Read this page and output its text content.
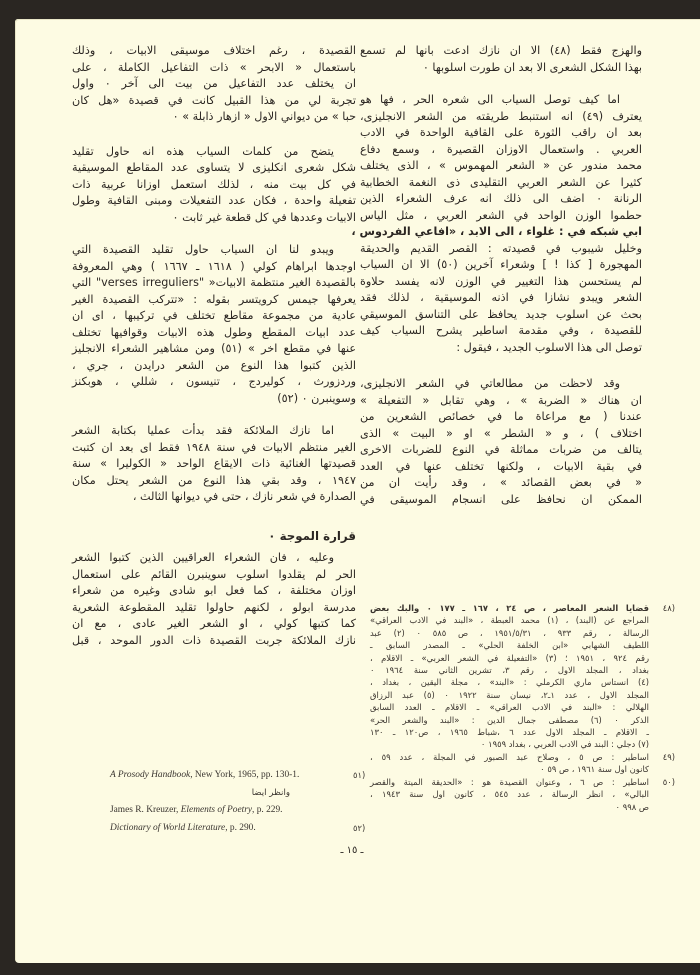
والهزج فقط (٤٨) الا ان نازك ادعت بانها لم تسمع
بهذا الشكل الشعرى الا بعد ان طورت اسلوبها ٠

اما كيف توصل السياب الى شعره الحر ، فها هو
يعترف (٤٩) انه استنبط طريقته من الشعر الانجليزى،
بعد ان راقب الثورة على القافية الواحدة في الادب
العربي . واستعمال الاوزان القصيرة ، وسمع دفاع
محمد مندور عن « الشعر المهموس » ، الذى يختلف
كثيرا عن الشعر العربي التقليدى ذى النغمة الخطابية
الرنانة ٠ اضف الى ذلك انه عرف الشعراء الذين
حطموا الوزن الواحد في الشعر العربي ، مثل الياس
ابي شبكه في : غلواء ، الى الابد ، «افاعي الفردوس ،
وخليل شيبوب في قصيدته : القصر القديم والحديقة
المهجورة [ كذا ! ] وشعراء آخرين (٥٠) الا ان السياب
لم يستحسن هذا التغيير في الوزن لانه يفسد حلاوة
الشعر ويبدو نشازا في اذنه الموسيقية ، لذلك فقد
بحث عن اسلوب جديد يحافظ على التناسق الموسيقي
للقصيدة ، وفي مقدمة اساطير يشرح السياب كيف
توصل الى هذا الاسلوب الجديد ، فيقول :

وقد لاحظت من مطالعاتي في الشعر الانجليزى،
ان هناك « الضربة » ، وهي تقابل « التفعيلة »
عندنا ( مع مراعاة ما في خصائص الشعرين من
اختلاف ) ، و « الشطر » او « البيت » الذى
يتالف من ضربات مماثلة في النوع للضربات الاخرى
في بقية الابيات ، ولكنها تختلف عنها في العدد
« في بعض القصائد » ، وقد رأيت ان من
الممكن ان نحافظ على انسجام الموسيقى في

القصيدة ، رغم اختلاف موسيقى الابيات ، وذلك
باستعمال « الابحر » ذات التفاعيل الكاملة ، على
ان يختلف عدد التفاعيل من بيت الى آخر ٠ واول
تجربة لي من هذا القبيل كانت في قصيدة «هل كان
حبا » من ديواني الاول « ازهار ذابلة » ٠

يتضح من كلمات السياب هذه انه حاول تقليد
شكل شعرى انكليزى لا يتساوى عدد المقاطع الموسيقية
في كل بيت منه ، لذلك استعمل اوزانا عربية ذات
تفعيلة واحدة ، فكان عدد التفعيلات ومبنى القافية وطول
الابيات وعددها في كل قطعة غير ثابت ٠

ويبدو لنا ان السياب حاول تقليد القصيدة التي
اوجدها ابراهام كولي ( ١٦١٨ ـ ١٦٦٧ ) وهي المعروفة
بالقصيدة الغير منتظمة الابيات« "verses irreguliers" التي
يعرفها جيمس كرويتسر بقوله : «تتركب القصيدة الغير
عادية من مجموعة مقاطع تختلف في تركيبها ، اى ان
عدد ابيات المقطع وطول هذه الابيات وقوافيها تختلف
عنها في مقطع اخر » (٥١) ومن مشاهير الشعراء الانجليز
الذين كتبوا هذا النوع من الشعر درايدن ، جري ،
وردزورث ، كوليردج ، تنيسون ، شللي ، هوبكنز
وسوينبرن ٠ (٥٢)

اما نازك الملائكة فقد بدأت عمليا بكتابة الشعر
الغير منتظم الابيات في سنة ١٩٤٨ فقط اى بعد ان كتبت
قصيدتها الغنائية ذات الايقاع الواحد « الكوليرا » سنة
١٩٤٧ ، وقد بقي هذا النوع من الشعر يحتل مكان
الصدارة في شعر نازك ، حتى في ديوانها الثالث ،

قرارة الموجة ٠

وعليه ، فان الشعراء العراقيين الذين كتبوا الشعر
الحر لم يقلدوا اسلوب سوينبرن القائم على استعمال
اوزان مختلفة ، كما فعل ابو شادى وغيره من شعراء
مدرسة ابولو ، لكنهم حاولوا تقليد المقطوعة الشعرية
كما كتبها كولي ، او الشعر الغير عادى ، مع ان
نازك الملائكة جربت القصيدة ذات الدور الموحد ، قبل

(٤٨
قضايا الشعر المعاصر ، ص ٢٤ ، ١٦٧ ـ ١٧٧ ٠ والبك بعض
المراجع عن (البند) ، (١) محمد العبطة ، «البند في الادب العراقي»
الرسالة ، رقم ٩٣٣ ، ١٩٥١/٥/٣١ ، ص ٥٨٥ ٠ (٢) عبد
اللطيف الشهابي «ابن الخلفة الحلي» ـ المصدر السابق ـ
رقم ٩٢٤ ، ١٩٥١ ؛ (٣) «التفعيلة في الشعر العربي» ـ الاقلام ،
بغداد ، المجلد الاول ، رقم ٣، تشرين الثاني سنة ١٩٦٤ ٠
(٤) انستاس ماري الكرملي : «البند» ، مجلة اليقين ، بغداد ،
المجلد الاول ، عدد ١ـ٢، نيسان سنة ١٩٢٢ ٠ (٥) عبد الرزاق
الهلالي : «البند في الادب العراقي» ـ الاقلام ـ العدد السابق
الذكر ٠ (٦) مصطفى جمال الدين : «البند والشعر الحر»
ـ الاقلام ـ المجلد الاول عدد ٦ ،شباط ١٩٦٥ ، ص١٢٠ ـ ١٣٠
(٧) دجلي : البند في الادب العربي ، بغداد ١٩٥٩ ٠
(٤٩
اساطير : ص ٥ ، وصلاح عبد الصبور في المجلة ، عدد ٥٩ ،
كانون اول سنة ١٩٦١ ، ص ٥٩ ٠
(٥٠
اساطير : ص ٦ ، وعنوان القصيدة هو : «الحديقة الميتة والقصر
البالي» ، انظر الرسالة ، عدد ٥٤٥ ، كانون اول سنة ١٩٤٣ ،
ص ٩٩٨ ٠
A Prosody Handbook, New York, 1965, pp. 130-1.	(٥١
وانظر ايضا
James R. Kreuzer, Elements of Poetry, p. 229.
Dictionary of World Literature, p. 290.	(٥٢
ـ ١٥ ـ
